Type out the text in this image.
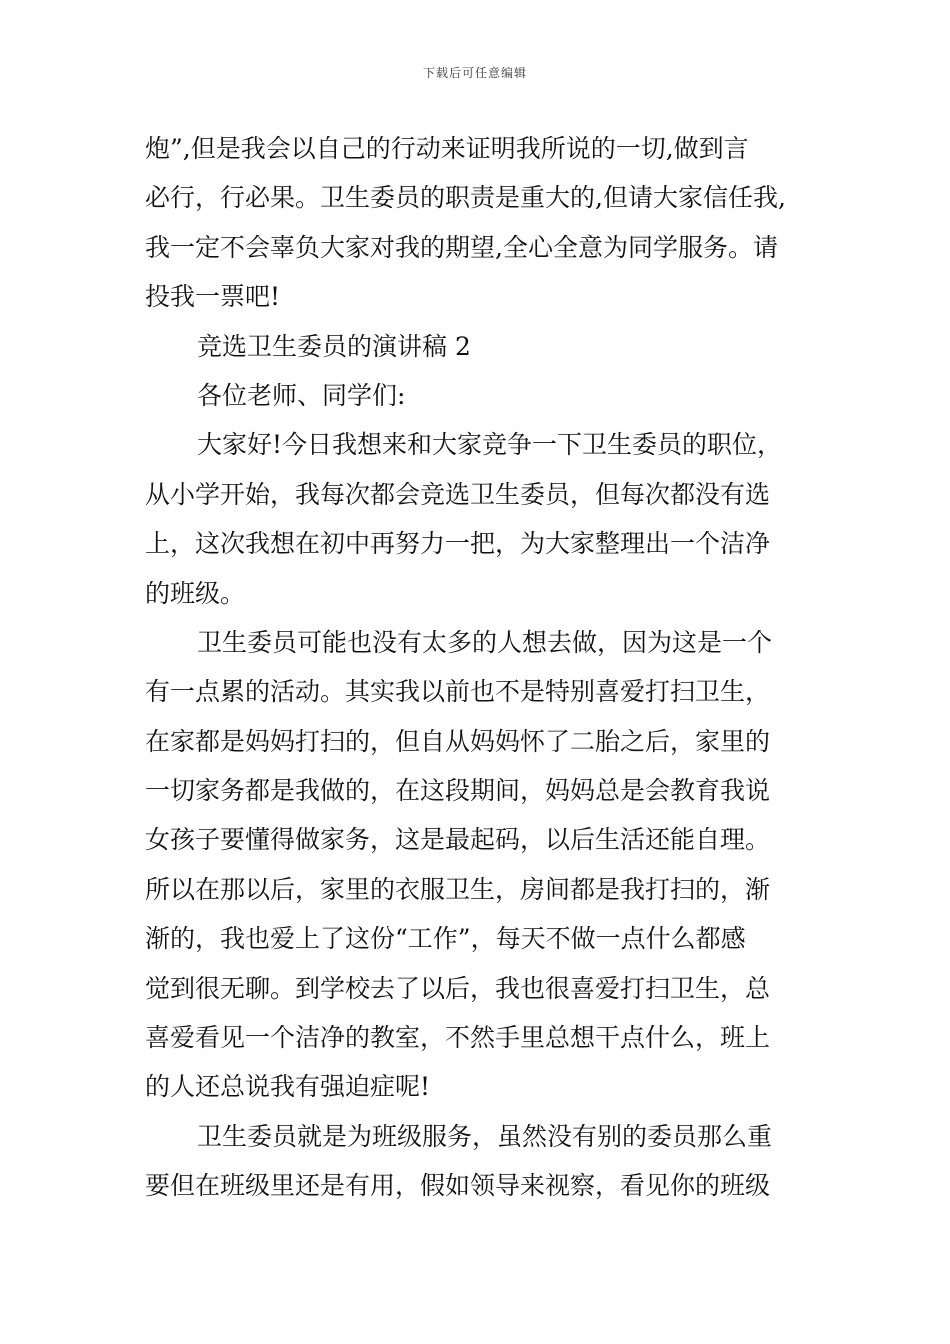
下载后可任意编辑
炮”,但是我会以自己的行动来证明我所说的一切,做到言
必行，行必果。卫生委员的职责是重大的,但请大家信任我,
我一定不会辜负大家对我的期望,全心全意为同学服务。请
投我一票吧!
竞选卫生委员的演讲稿 2
各位老师、同学们:
大家好!今日我想来和大家竞争一下卫生委员的职位，
从小学开始，我每次都会竞选卫生委员，但每次都没有选
上，这次我想在初中再努力一把，为大家整理出一个洁净
的班级。
卫生委员可能也没有太多的人想去做，因为这是一个
有一点累的活动。其实我以前也不是特别喜爱打扫卫生，
在家都是妈妈打扫的，但自从妈妈怀了二胎之后，家里的
一切家务都是我做的，在这段期间，妈妈总是会教育我说
女孩子要懂得做家务，这是最起码，以后生活还能自理。
所以在那以后，家里的衣服卫生，房间都是我打扫的，渐
渐的，我也爱上了这份“工作”，每天不做一点什么都感
觉到很无聊。到学校去了以后，我也很喜爱打扫卫生，总
喜爱看见一个洁净的教室，不然手里总想干点什么，班上
的人还总说我有强迫症呢!
卫生委员就是为班级服务，虽然没有别的委员那么重
要但在班级里还是有用，假如领导来视察，看见你的班级
